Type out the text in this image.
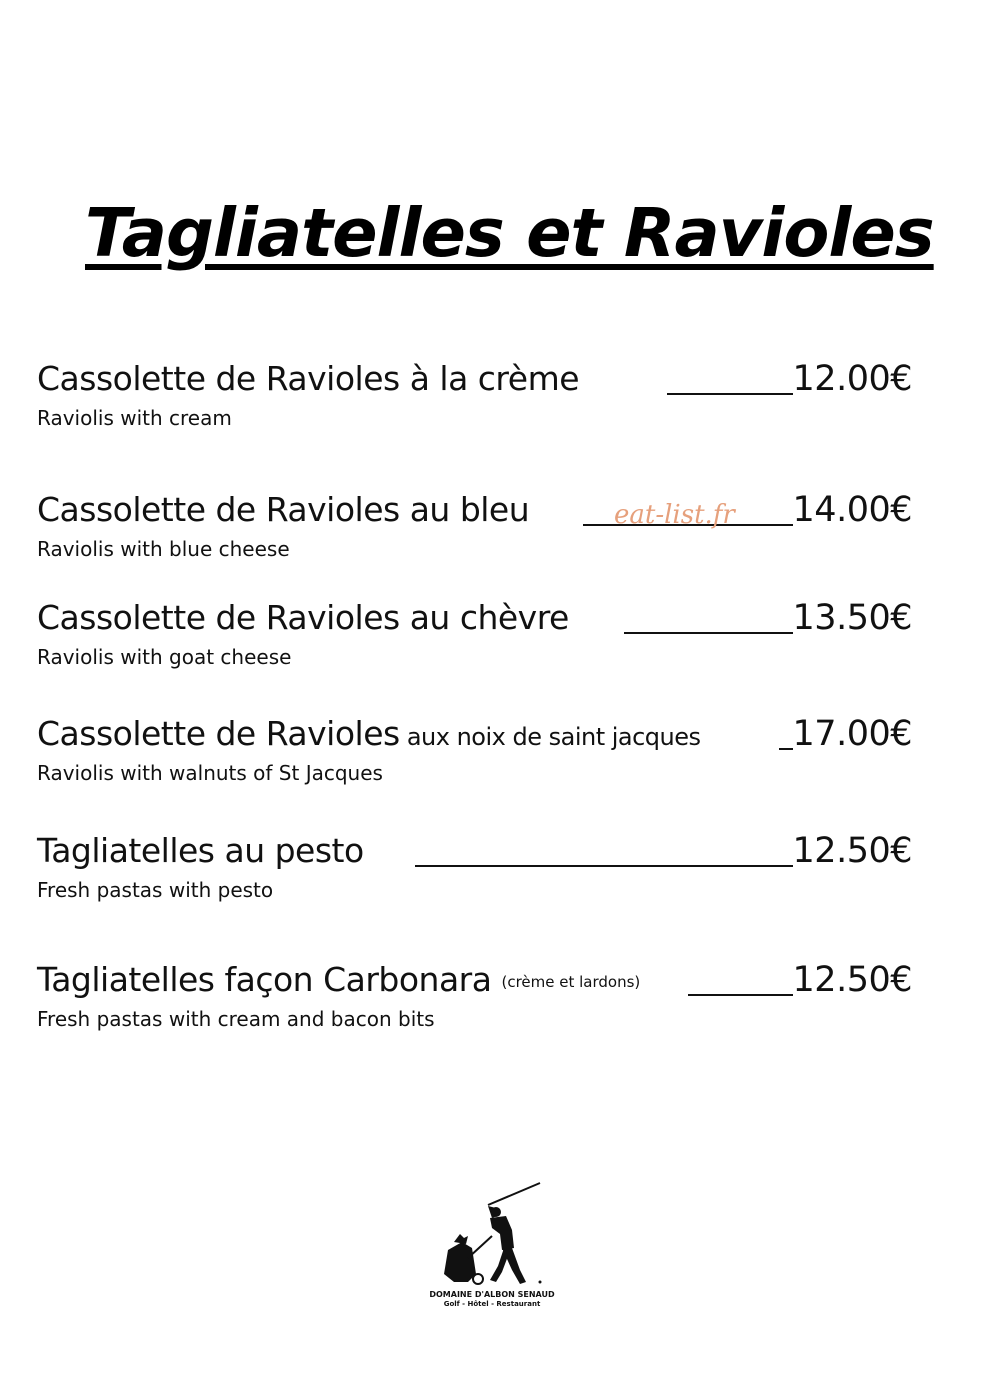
Tagliatelles et Ravioles
Cassolette de Ravioles à la crème	12.00€
Raviolis with cream
Cassolette de Ravioles au bleu	14.00€
Raviolis with blue cheese
eat-list.fr
Cassolette de Ravioles au chèvre	13.50€
Raviolis with goat cheese
Cassolette de Ravioles aux noix de saint jacques	17.00€
Raviolis with walnuts of St Jacques
Tagliatelles au pesto	12.50€
Fresh pastas with pesto
Tagliatelles façon Carbonara (crème et lardons)	12.50€
Fresh pastas with cream and bacon bits
DOMAINE D'ALBON SENAUD
Golf - Hôtel - Restaurant
